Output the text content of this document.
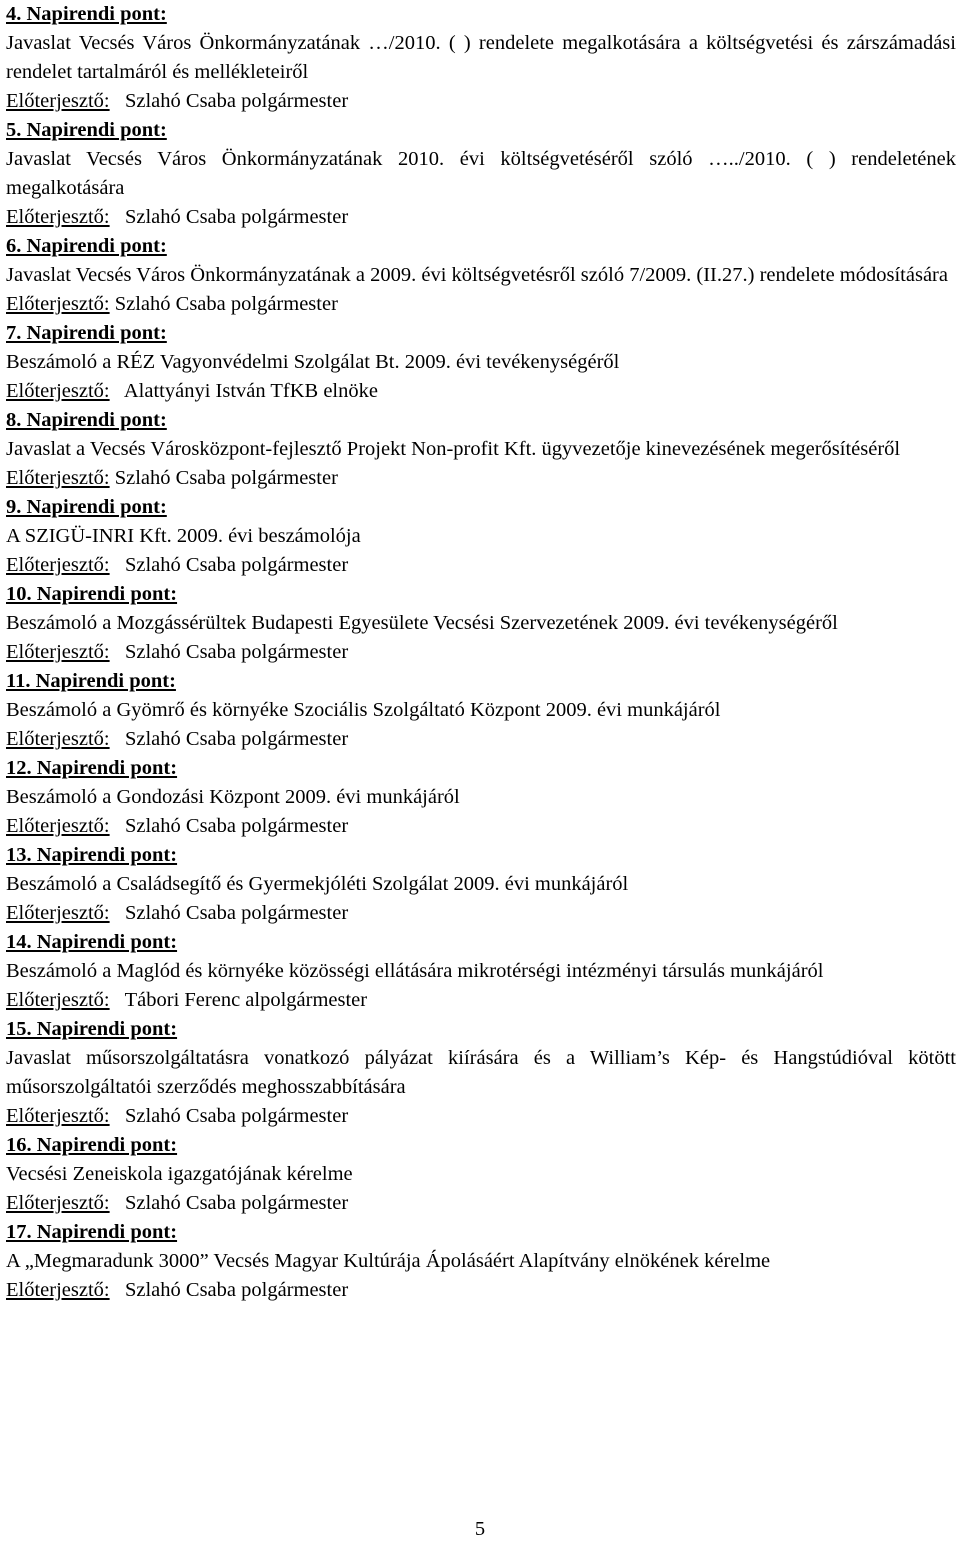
4. Napirendi pont:
Javaslat Vecsés Város Önkormányzatának …/2010. ( ) rendelete megalkotására a költségvetési és zárszámadási rendelet tartalmáról és mellékleteiről
Előterjesztő: Szlahó Csaba polgármester
5. Napirendi pont:
Javaslat Vecsés Város Önkormányzatának 2010. évi költségvetéséről szóló …../2010. ( ) rendeletének megalkotására
Előterjesztő: Szlahó Csaba polgármester
6. Napirendi pont:
Javaslat Vecsés Város Önkormányzatának a 2009. évi költségvetésről szóló 7/2009. (II.27.) rendelete módosítására
Előterjesztő: Szlahó Csaba polgármester
7. Napirendi pont:
Beszámoló a RÉZ Vagyonvédelmi Szolgálat Bt. 2009. évi tevékenységéről
Előterjesztő: Alattyányi István TfKB elnöke
8. Napirendi pont:
Javaslat a Vecsés Városközpont-fejlesztő Projekt Non-profit Kft. ügyvezetője kinevezésének megerősítéséről
Előterjesztő: Szlahó Csaba polgármester
9. Napirendi pont:
A SZIGÜ-INRI Kft. 2009. évi beszámolója
Előterjesztő: Szlahó Csaba polgármester
10. Napirendi pont:
Beszámoló a Mozgássérültek Budapesti Egyesülete Vecsési Szervezetének 2009. évi tevékenységéről
Előterjesztő: Szlahó Csaba polgármester
11. Napirendi pont:
Beszámoló a Gyömrő és környéke Szociális Szolgáltató Központ 2009. évi munkájáról
Előterjesztő: Szlahó Csaba polgármester
12. Napirendi pont:
Beszámoló a Gondozási Központ 2009. évi munkájáról
Előterjesztő: Szlahó Csaba polgármester
13. Napirendi pont:
Beszámoló a Családsegítő és Gyermekjóléti Szolgálat 2009. évi munkájáról
Előterjesztő: Szlahó Csaba polgármester
14. Napirendi pont:
Beszámoló a Maglód és környéke közösségi ellátására mikrotérségi intézményi társulás munkájáról
Előterjesztő: Tábori Ferenc alpolgármester
15. Napirendi pont:
Javaslat műsorszolgáltatásra vonatkozó pályázat kiírására és a William’s Kép- és Hangstúdióval kötött műsorszolgáltatói szerződés meghosszabbítására
Előterjesztő: Szlahó Csaba polgármester
16. Napirendi pont:
Vecsési Zeneiskola igazgatójának kérelme
Előterjesztő: Szlahó Csaba polgármester
17. Napirendi pont:
A „Megmaradunk 3000” Vecsés Magyar Kultúrája Ápolásáért Alapítvány elnökének kérelme
Előterjesztő: Szlahó Csaba polgármester
5
